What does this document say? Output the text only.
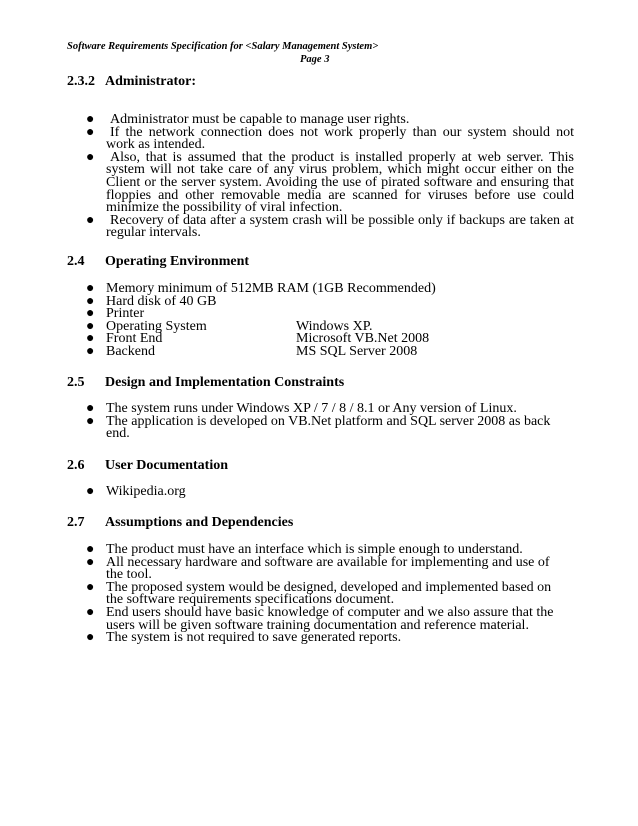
Software Requirements Specification for <Salary Management System>
Page 3
2.3.2 Administrator:
● Administrator must be capable to manage user rights.
● If the network connection does not work properly than our system should not work as intended.
● Also, that is assumed that the product is installed properly at web server. This system will not take care of any virus problem, which might occur either on the Client or the server system. Avoiding the use of pirated software and ensuring that floppies and other removable media are scanned for viruses before use could minimize the possibility of viral infection.
● Recovery of data after a system crash will be possible only if backups are taken at regular intervals.
2.4 Operating Environment
● Memory minimum of 512MB RAM (1GB Recommended)
● Hard disk of 40 GB
● Printer
● Operating System	Windows XP.
● Front End	Microsoft VB.Net 2008
● Backend	MS SQL Server 2008
2.5 Design and Implementation Constraints
● The system runs under Windows XP / 7 / 8 / 8.1 or Any version of Linux.
● The application is developed on VB.Net platform and SQL server 2008 as back end.
2.6 User Documentation
● Wikipedia.org
2.7 Assumptions and Dependencies
● The product must have an interface which is simple enough to understand.
● All necessary hardware and software are available for implementing and use of the tool.
● The proposed system would be designed, developed and implemented based on the software requirements specifications document.
● End users should have basic knowledge of computer and we also assure that the users will be given software training documentation and reference material.
● The system is not required to save generated reports.
